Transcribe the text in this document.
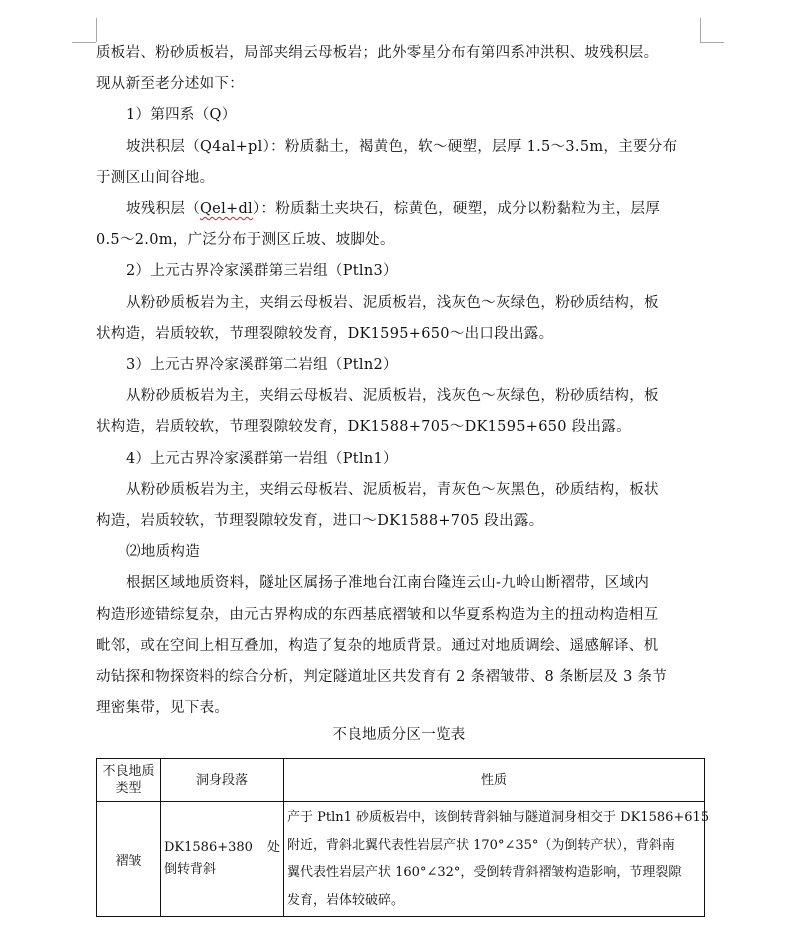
质板岩、粉砂质板岩，局部夹绢云母板岩；此外零星分布有第四系冲洪积、坡残积层。
现从新至老分述如下：
1）第四系（Q）
坡洪积层（Q4al+pl）：粉质黏土，褐黄色，软～硬塑，层厚 1.5～3.5m，主要分布
于测区山间谷地。
坡残积层（Qel+dl）：粉质黏土夹块石，棕黄色，硬塑，成分以粉黏粒为主，层厚
0.5～2.0m，广泛分布于测区丘坡、坡脚处。
2）上元古界冷家溪群第三岩组（Ptln3）
从粉砂质板岩为主，夹绢云母板岩、泥质板岩，浅灰色～灰绿色，粉砂质结构，板
状构造，岩质较软，节理裂隙较发育，DK1595+650～出口段出露。
3）上元古界冷家溪群第二岩组（Ptln2）
从粉砂质板岩为主，夹绢云母板岩、泥质板岩，浅灰色～灰绿色，粉砂质结构，板
状构造，岩质较软，节理裂隙较发育，DK1588+705～DK1595+650 段出露。
4）上元古界冷家溪群第一岩组（Ptln1）
从粉砂质板岩为主，夹绢云母板岩、泥质板岩，青灰色～灰黑色，砂质结构，板状
构造，岩质较软，节理裂隙较发育，进口～DK1588+705 段出露。
⑵地质构造
根据区域地质资料，隧址区属扬子准地台江南台隆连云山-九岭山断褶带，区域内
构造形迹错综复杂，由元古界构成的东西基底褶皱和以华夏系构造为主的扭动构造相互
毗邻，或在空间上相互叠加，构造了复杂的地质背景。通过对地质调绘、遥感解译、机
动钻探和物探资料的综合分析，判定隧道址区共发育有 2 条褶皱带、8 条断层及 3 条节
理密集带，见下表。
不良地质分区一览表
不良地质
类型	洞身段落	性质
褶皱	DK1586+380 处倒转背斜	产于 Ptln1 砂质板岩中，该倒转背斜轴与隧道洞身相交于 DK1586+615
附近，背斜北翼代表性岩层产状 170°∠35°（为倒转产状），背斜南
翼代表性岩层产状 160°∠32°，受倒转背斜褶皱构造影响，节理裂隙
发育，岩体较破碎。
